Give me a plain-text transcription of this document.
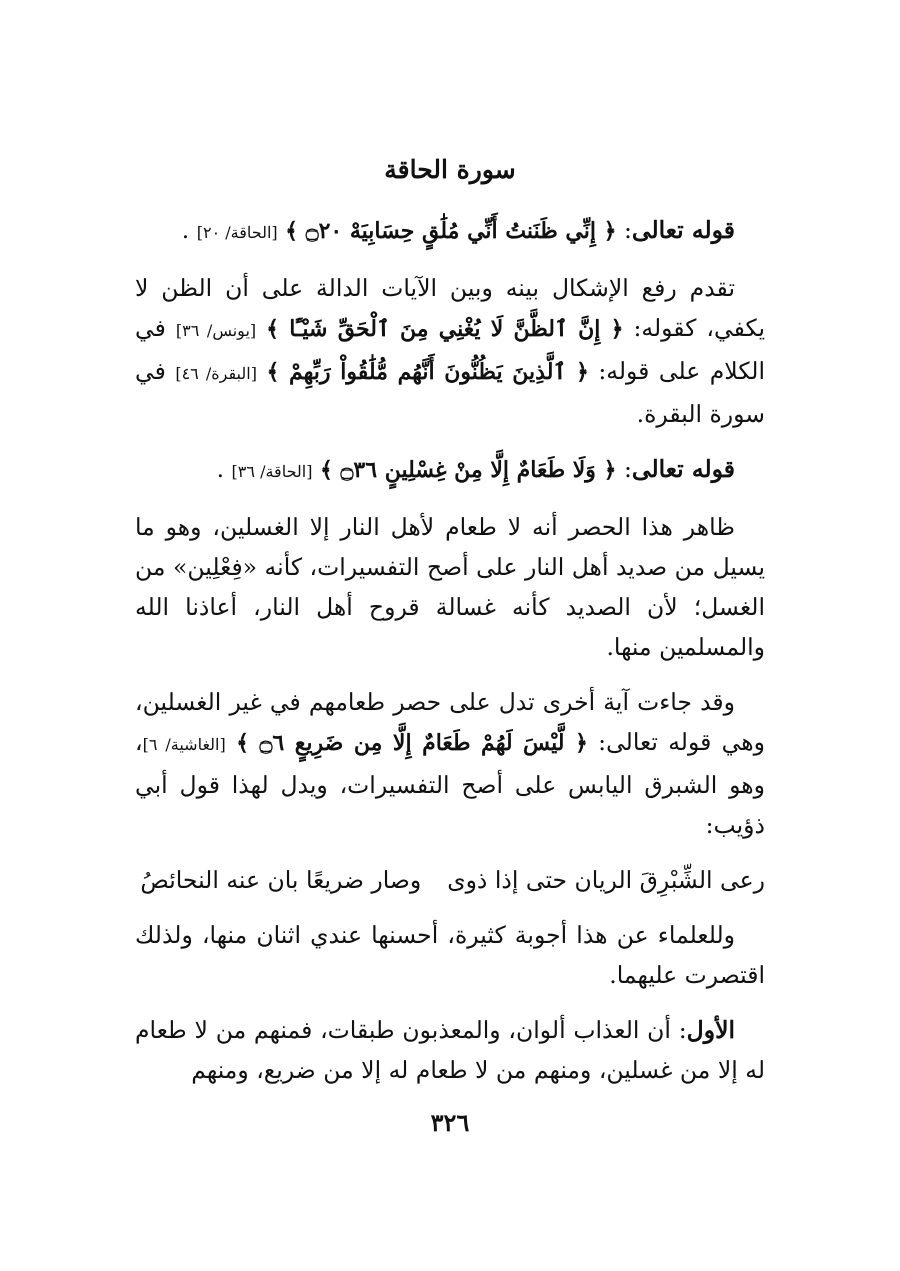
سورة الحاقة
قوله تعالى: ﴿ إِنِّي ظَنَنتُ أَنِّي مُلَٰقٍ حِسَابِيَهْ ۝٢٠ ﴾ [الحاقة/ ٢٠] .
تقدم رفع الإشكال بينه وبين الآيات الدالة على أن الظن لا يكفي، كقوله: ﴿ إِنَّ ٱلظَّنَّ لَا يُغْنِي مِنَ ٱلْحَقِّ شَيْـًٔا ﴾ [يونس/ ٣٦] في الكلام على قوله: ﴿ ٱلَّذِينَ يَظُنُّونَ أَنَّهُم مُّلَٰقُواْ رَبِّهِمْ ﴾ [البقرة/ ٤٦] في سورة البقرة.
قوله تعالى: ﴿ وَلَا طَعَامٌ إِلَّا مِنْ غِسْلِينٍ ۝٣٦ ﴾ [الحاقة/ ٣٦] .
ظاهر هذا الحصر أنه لا طعام لأهل النار إلا الغسلين، وهو ما يسيل من صديد أهل النار على أصح التفسيرات، كأنه «فِعْلِين» من الغسل؛ لأن الصديد كأنه غسالة قروح أهل النار، أعاذنا الله والمسلمين منها.
وقد جاءت آية أخرى تدل على حصر طعامهم في غير الغسلين، وهي قوله تعالى: ﴿ لَّيْسَ لَهُمْ طَعَامٌ إِلَّا مِن ضَرِيعٍ ۝٦ ﴾ [الغاشية/ ٦]، وهو الشبرق اليابس على أصح التفسيرات، ويدل لهذا قول أبي ذؤيب:
رعى الشِّبْرِقَ الريان حتى إذا ذوىوصار ضريعًا بان عنه النحائصُ
وللعلماء عن هذا أجوبة كثيرة، أحسنها عندي اثنان منها، ولذلك اقتصرت عليهما.
الأول: أن العذاب ألوان، والمعذبون طبقات، فمنهم من لا طعام له إلا من غسلين، ومنهم من لا طعام له إلا من ضريع، ومنهم
٣٢٦
